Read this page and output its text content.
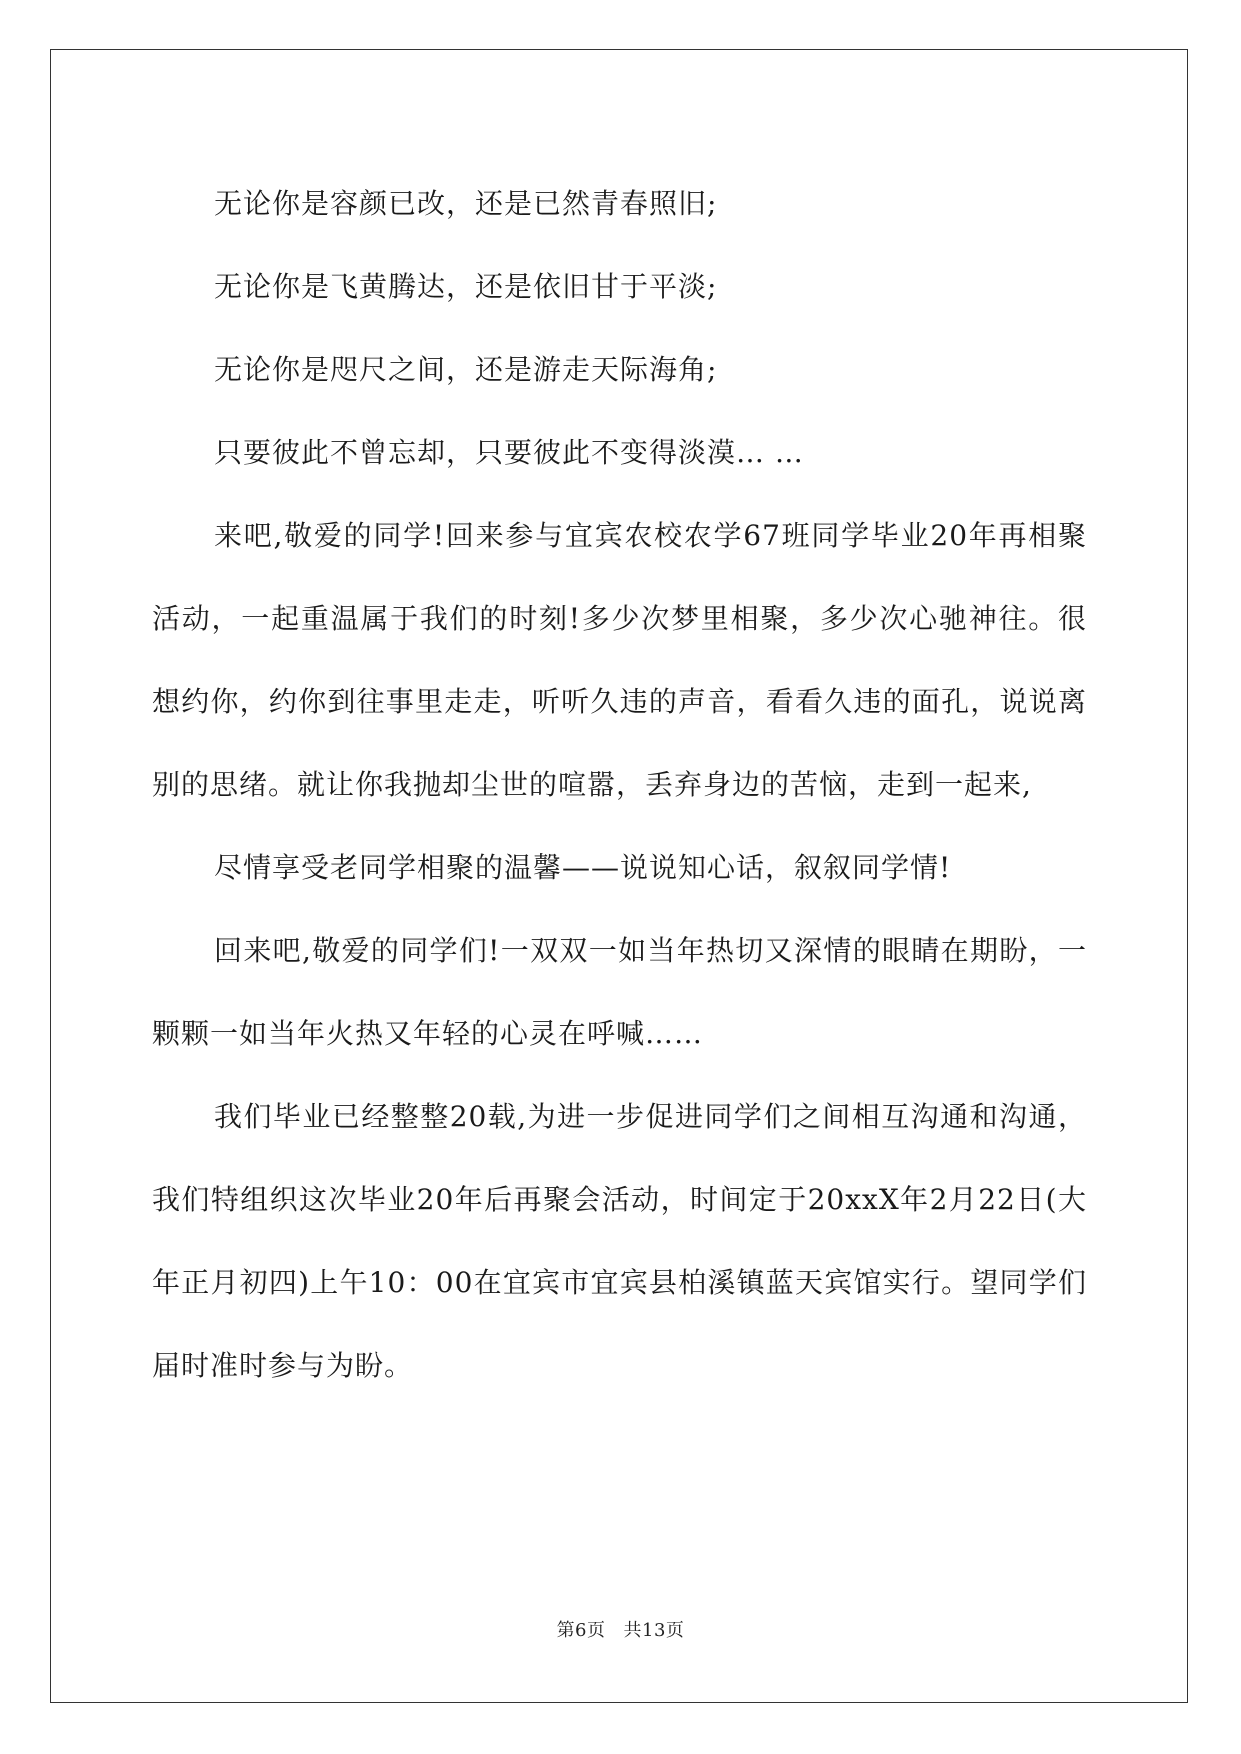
无论你是容颜已改，还是已然青春照旧;

无论你是飞黄腾达，还是依旧甘于平淡;

无论你是咫尺之间，还是游走天际海角;

只要彼此不曾忘却，只要彼此不变得淡漠… …

来吧,敬爱的同学!回来参与宜宾农校农学67班同学毕业20年再相聚活动，一起重温属于我们的时刻!多少次梦里相聚，多少次心驰神往。很想约你，约你到往事里走走，听听久违的声音，看看久违的面孔，说说离别的思绪。就让你我抛却尘世的喧嚣，丢弃身边的苦恼，走到一起来,

尽情享受老同学相聚的温馨——说说知心话，叙叙同学情!

回来吧,敬爱的同学们!一双双一如当年热切又深情的眼睛在期盼，一颗颗一如当年火热又年轻的心灵在呼喊……

我们毕业已经整整20载,为进一步促进同学们之间相互沟通和沟通，我们特组织这次毕业20年后再聚会活动，时间定于20xxX年2月22日(大年正月初四)上午10：00在宜宾市宜宾县柏溪镇蓝天宾馆实行。望同学们届时准时参与为盼。

第6页 共13页
